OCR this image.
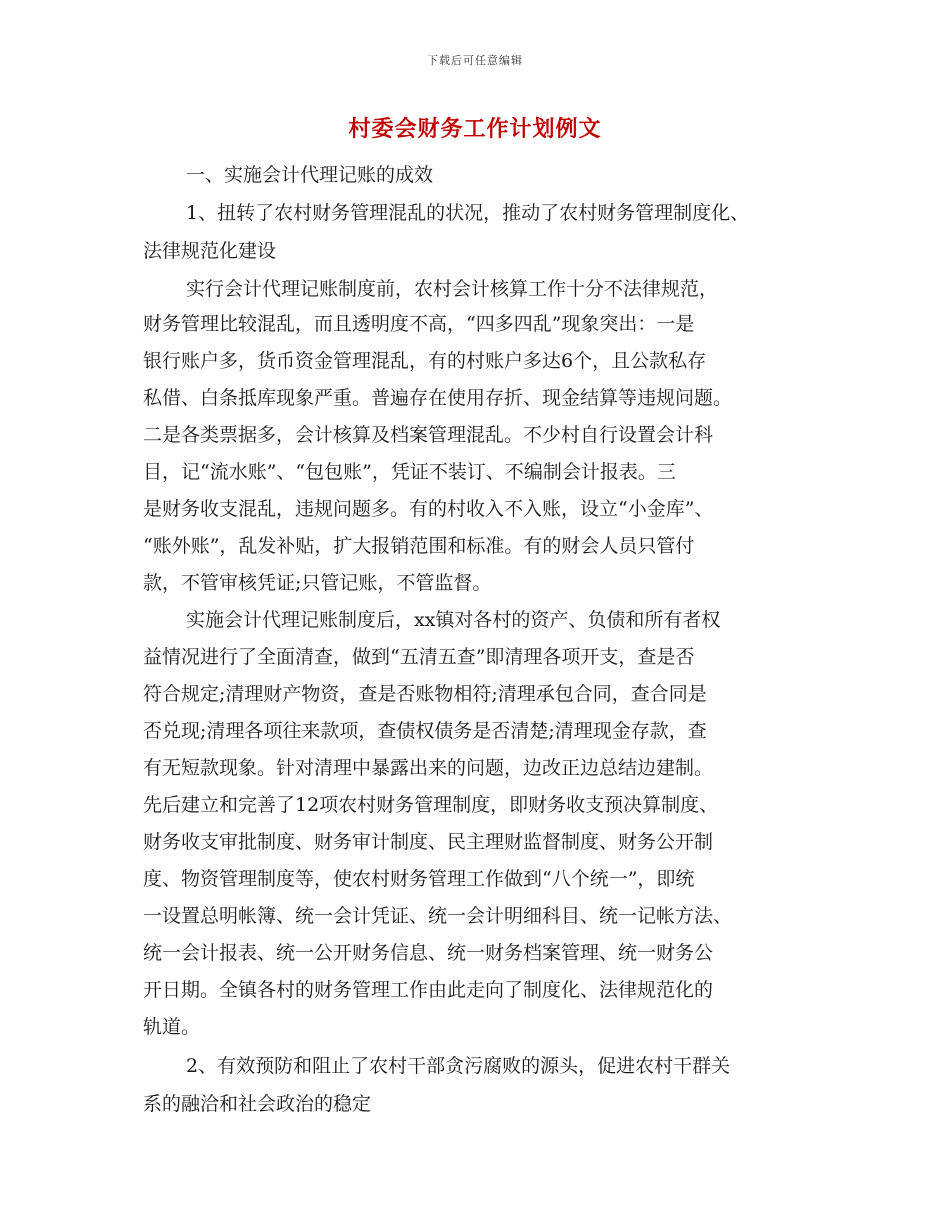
下载后可任意编辑
村委会财务工作计划例文

一、实施会计代理记账的成效

1、扭转了农村财务管理混乱的状况，推动了农村财务管理制度化、

法律规范化建设

实行会计代理记账制度前，农村会计核算工作十分不法律规范，

财务管理比较混乱，而且透明度不高，“四多四乱”现象突出：一是

银行账户多，货币资金管理混乱，有的村账户多达6个，且公款私存

私借、白条抵库现象严重。普遍存在使用存折、现金结算等违规问题。

二是各类票据多，会计核算及档案管理混乱。不少村自行设置会计科

目，记“流水账”、“包包账”，凭证不装订、不编制会计报表。三

是财务收支混乱，违规问题多。有的村收入不入账，设立“小金库”、

“账外账”，乱发补贴，扩大报销范围和标准。有的财会人员只管付

款，不管审核凭证;只管记账，不管监督。

实施会计代理记账制度后，xx镇对各村的资产、负债和所有者权

益情况进行了全面清查，做到“五清五查”即清理各项开支，查是否

符合规定;清理财产物资，查是否账物相符;清理承包合同，查合同是

否兑现;清理各项往来款项，查债权债务是否清楚;清理现金存款，查

有无短款现象。针对清理中暴露出来的问题，边改正边总结边建制。

先后建立和完善了12项农村财务管理制度，即财务收支预决算制度、

财务收支审批制度、财务审计制度、民主理财监督制度、财务公开制

度、物资管理制度等，使农村财务管理工作做到“八个统一”，即统

一设置总明帐簿、统一会计凭证、统一会计明细科目、统一记帐方法、

统一会计报表、统一公开财务信息、统一财务档案管理、统一财务公

开日期。全镇各村的财务管理工作由此走向了制度化、法律规范化的

轨道。

2、有效预防和阻止了农村干部贪污腐败的源头，促进农村干群关

系的融洽和社会政治的稳定
